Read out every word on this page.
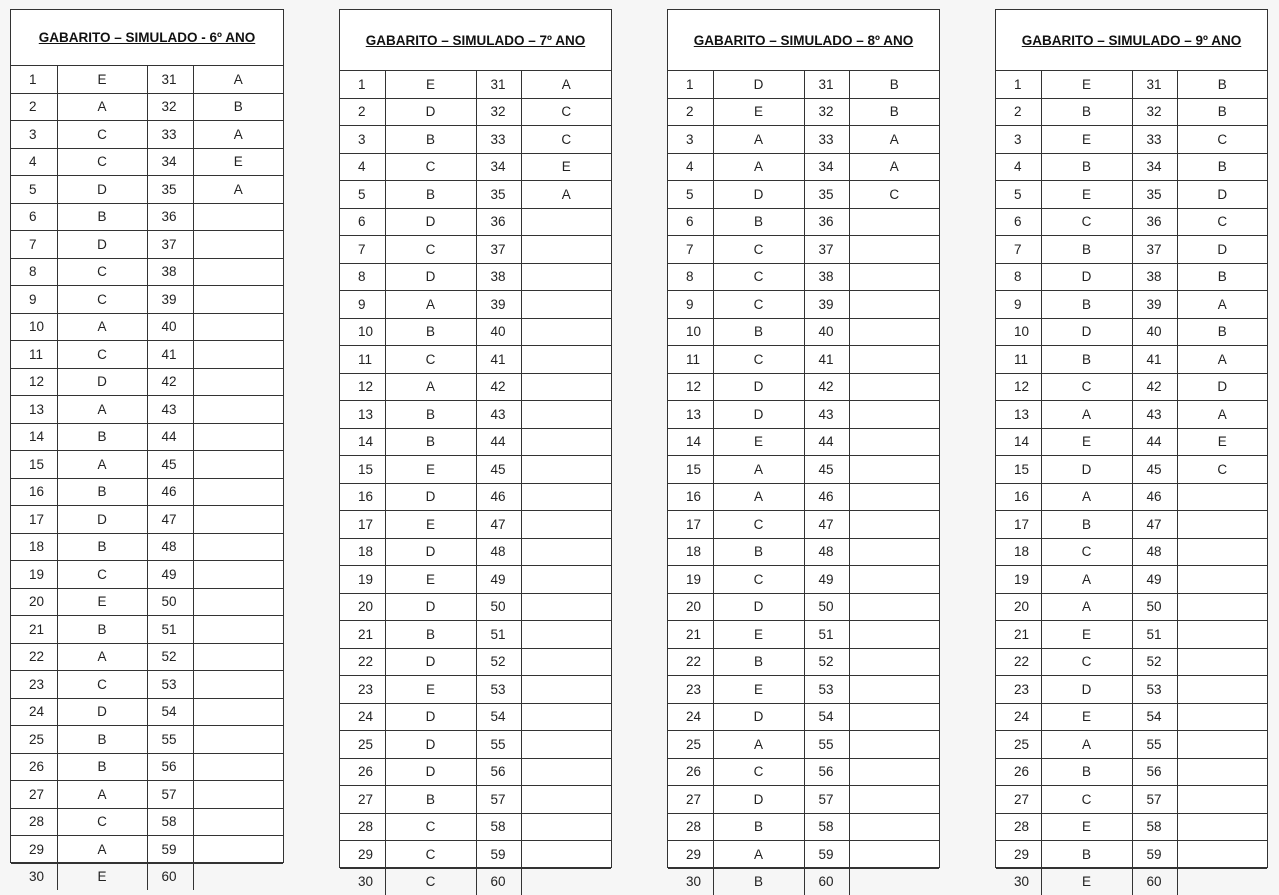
GABARITO – SIMULADO - 6º ANO
1	E	31	A
2	A	32	B
3	C	33	A
4	C	34	E
5	D	35	A
6	B	36	
7	D	37	
8	C	38	
9	C	39	
10	A	40	
11	C	41	
12	D	42	
13	A	43	
14	B	44	
15	A	45	
16	B	46	
17	D	47	
18	B	48	
19	C	49	
20	E	50	
21	B	51	
22	A	52	
23	C	53	
24	D	54	
25	B	55	
26	B	56	
27	A	57	
28	C	58	
29	A	59	
30	E	60	
GABARITO – SIMULADO – 7º ANO
1	E	31	A
2	D	32	C
3	B	33	C
4	C	34	E
5	B	35	A
6	D	36	
7	C	37	
8	D	38	
9	A	39	
10	B	40	
11	C	41	
12	A	42	
13	B	43	
14	B	44	
15	E	45	
16	D	46	
17	E	47	
18	D	48	
19	E	49	
20	D	50	
21	B	51	
22	D	52	
23	E	53	
24	D	54	
25	D	55	
26	D	56	
27	B	57	
28	C	58	
29	C	59	
30	C	60	
GABARITO – SIMULADO – 8º ANO
1	D	31	B
2	E	32	B
3	A	33	A
4	A	34	A
5	D	35	C
6	B	36	
7	C	37	
8	C	38	
9	C	39	
10	B	40	
11	C	41	
12	D	42	
13	D	43	
14	E	44	
15	A	45	
16	A	46	
17	C	47	
18	B	48	
19	C	49	
20	D	50	
21	E	51	
22	B	52	
23	E	53	
24	D	54	
25	A	55	
26	C	56	
27	D	57	
28	B	58	
29	A	59	
30	B	60	
GABARITO – SIMULADO – 9º ANO
1	E	31	B
2	B	32	B
3	E	33	C
4	B	34	B
5	E	35	D
6	C	36	C
7	B	37	D
8	D	38	B
9	B	39	A
10	D	40	B
11	B	41	A
12	C	42	D
13	A	43	A
14	E	44	E
15	D	45	C
16	A	46	
17	B	47	
18	C	48	
19	A	49	
20	A	50	
21	E	51	
22	C	52	
23	D	53	
24	E	54	
25	A	55	
26	B	56	
27	C	57	
28	E	58	
29	B	59	
30	E	60	
